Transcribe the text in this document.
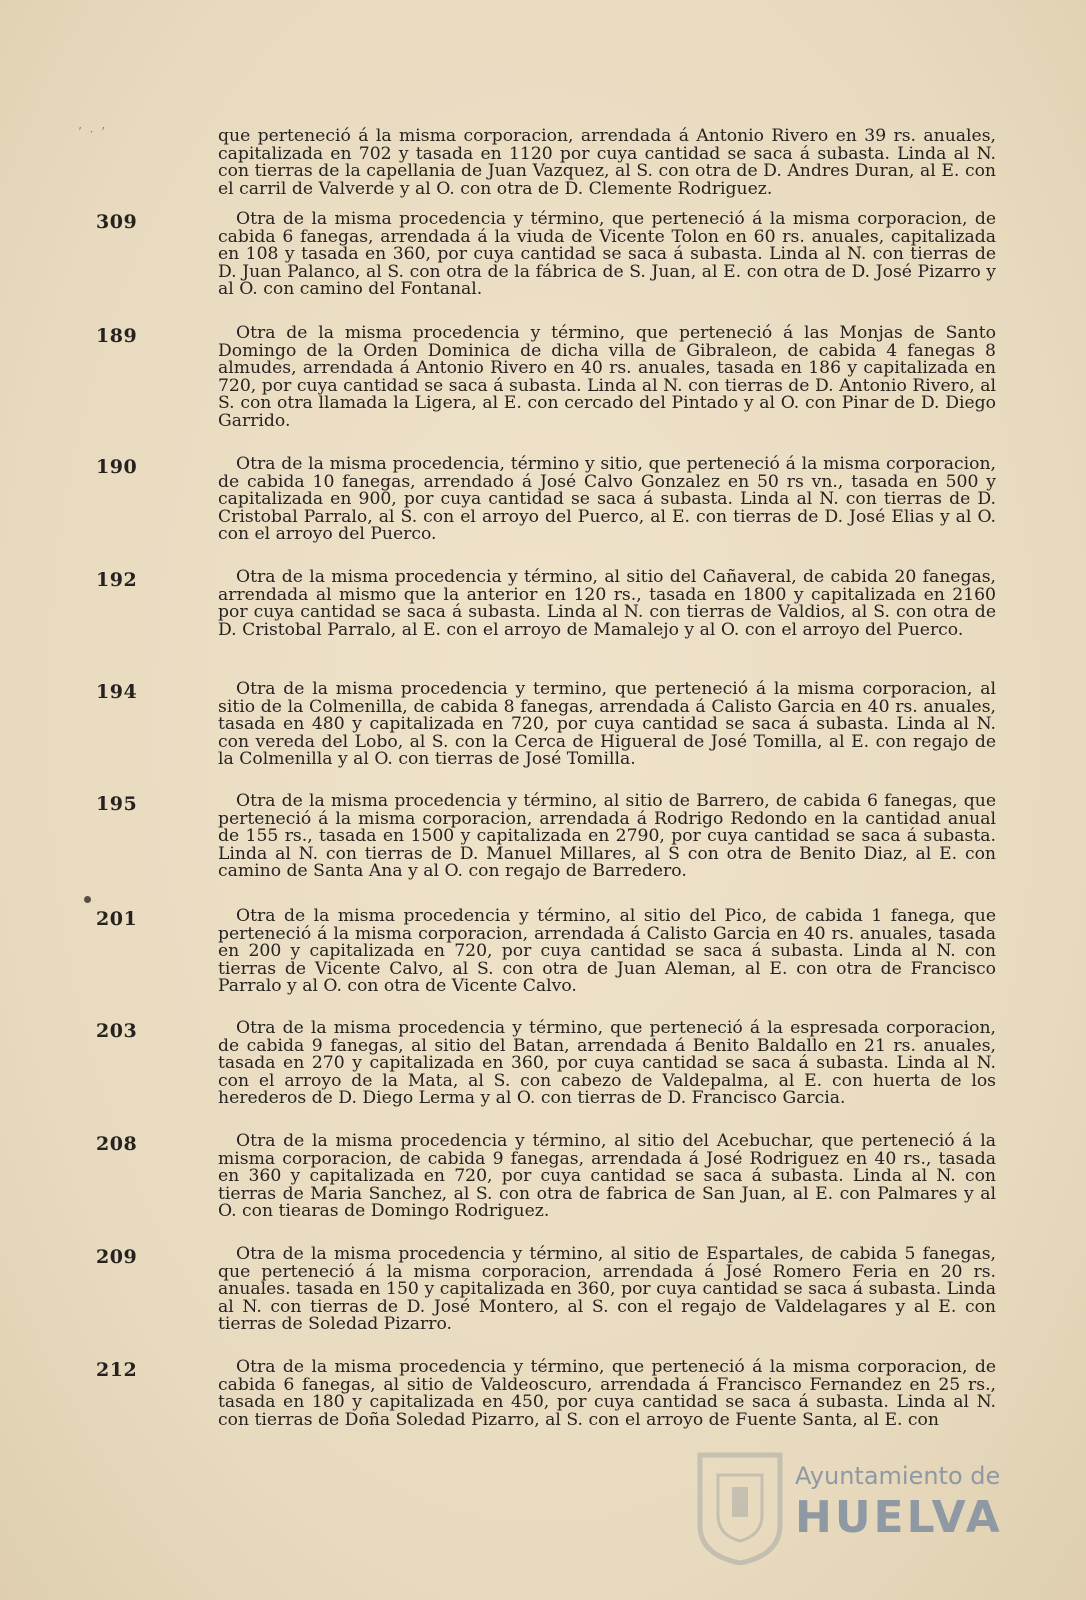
’ · ’	que perteneció á la misma corporacion, arrendada á Antonio Rivero en 39 rs. anuales, capitalizada en 702 y tasada en 1120 por cuya cantidad se saca á subasta. Linda al N. con tierras de la capellania de Juan Vazquez, al S. con otra de D. Andres Duran, al E. con el carril de Valverde y al O. con otra de D. Clemente Rodriguez.
309	Otra de la misma procedencia y término, que perteneció á la misma corporacion, de cabida 6 fanegas, arrendada á la viuda de Vicente Tolon en 60 rs. anuales, capitalizada en 108 y tasada en 360, por cuya cantidad se saca á subasta. Linda al N. con tierras de D. Juan Palanco, al S. con otra de la fábrica de S. Juan, al E. con otra de D. José Pizarro y al O. con camino del Fontanal.
189	Otra de la misma procedencia y término, que perteneció á las Monjas de Santo Domingo de la Orden Dominica de dicha villa de Gibraleon, de cabida 4 fanegas 8 almudes, arrendada á Antonio Rivero en 40 rs. anuales, tasada en 186 y capitalizada en 720, por cuya cantidad se saca á subasta. Linda al N. con tierras de D. Antonio Rivero, al S. con otra llamada la Ligera, al E. con cercado del Pintado y al O. con Pinar de D. Diego Garrido.
190	Otra de la misma procedencia, término y sitio, que perteneció á la misma corporacion, de cabida 10 fanegas, arrendado á José Calvo Gonzalez en 50 rs vn., tasada en 500 y capitalizada en 900, por cuya cantidad se saca á subasta. Linda al N. con tierras de D. Cristobal Parralo, al S. con el arroyo del Puerco, al E. con tierras de D. José Elias y al O. con el arroyo del Puerco.
192	Otra de la misma procedencia y término, al sitio del Cañaveral, de cabida 20 fanegas, arrendada al mismo que la anterior en 120 rs., tasada en 1800 y capitalizada en 2160 por cuya cantidad se saca á subasta. Linda al N. con tierras de Valdios, al S. con otra de D. Cristobal Parralo, al E. con el arroyo de Mamalejo y al O. con el arroyo del Puerco.
194	Otra de la misma procedencia y termino, que perteneció á la misma corporacion, al sitio de la Colmenilla, de cabida 8 fanegas, arrendada á Calisto Garcia en 40 rs. anuales, tasada en 480 y capitalizada en 720, por cuya cantidad se saca á subasta. Linda al N. con vereda del Lobo, al S. con la Cerca de Higueral de José Tomilla, al E. con regajo de la Colmenilla y al O. con tierras de José Tomilla.
195	Otra de la misma procedencia y término, al sitio de Barrero, de cabida 6 fanegas, que perteneció á la misma corporacion, arrendada á Rodrigo Redondo en la cantidad anual de 155 rs., tasada en 1500 y capitalizada en 2790, por cuya cantidad se saca á subasta. Linda al N. con tierras de D. Manuel Millares, al S con otra de Benito Diaz, al E. con camino de Santa Ana y al O. con regajo de Barredero.
201	Otra de la misma procedencia y término, al sitio del Pico, de cabida 1 fanega, que perteneció á la misma corporacion, arrendada á Calisto Garcia en 40 rs. anuales, tasada en 200 y capitalizada en 720, por cuya cantidad se saca á subasta. Linda al N. con tierras de Vicente Calvo, al S. con otra de Juan Aleman, al E. con otra de Francisco Parralo y al O. con otra de Vicente Calvo.
203	Otra de la misma procedencia y término, que perteneció á la espresada corporacion, de cabida 9 fanegas, al sitio del Batan, arrendada á Benito Baldallo en 21 rs. anuales, tasada en 270 y capitalizada en 360, por cuya cantidad se saca á subasta. Linda al N. con el arroyo de la Mata, al S. con cabezo de Valdepalma, al E. con huerta de los herederos de D. Diego Lerma y al O. con tierras de D. Francisco Garcia.
208	Otra de la misma procedencia y término, al sitio del Acebuchar, que perteneció á la misma corporacion, de cabida 9 fanegas, arrendada á José Rodriguez en 40 rs., tasada en 360 y capitalizada en 720, por cuya cantidad se saca á subasta. Linda al N. con tierras de Maria Sanchez, al S. con otra de fabrica de San Juan, al E. con Palmares y al O. con tiearas de Domingo Rodriguez.
209	Otra de la misma procedencia y término, al sitio de Espartales, de cabida 5 fanegas, que perteneció á la misma corporacion, arrendada á José Romero Feria en 20 rs. anuales. tasada en 150 y capitalizada en 360, por cuya cantidad se saca á subasta. Linda al N. con tierras de D. José Montero, al S. con el regajo de Valdelagares y al E. con tierras de Soledad Pizarro.
212	Otra de la misma procedencia y término, que perteneció á la misma corporacion, de cabida 6 fanegas, al sitio de Valdeoscuro, arrendada á Francisco Fernandez en 25 rs., tasada en 180 y capitalizada en 450, por cuya cantidad se saca á subasta. Linda al N. con tierras de Doña Soledad Pizarro, al S. con el arroyo de Fuente Santa, al E. con
Ayuntamiento de
HUELVA
